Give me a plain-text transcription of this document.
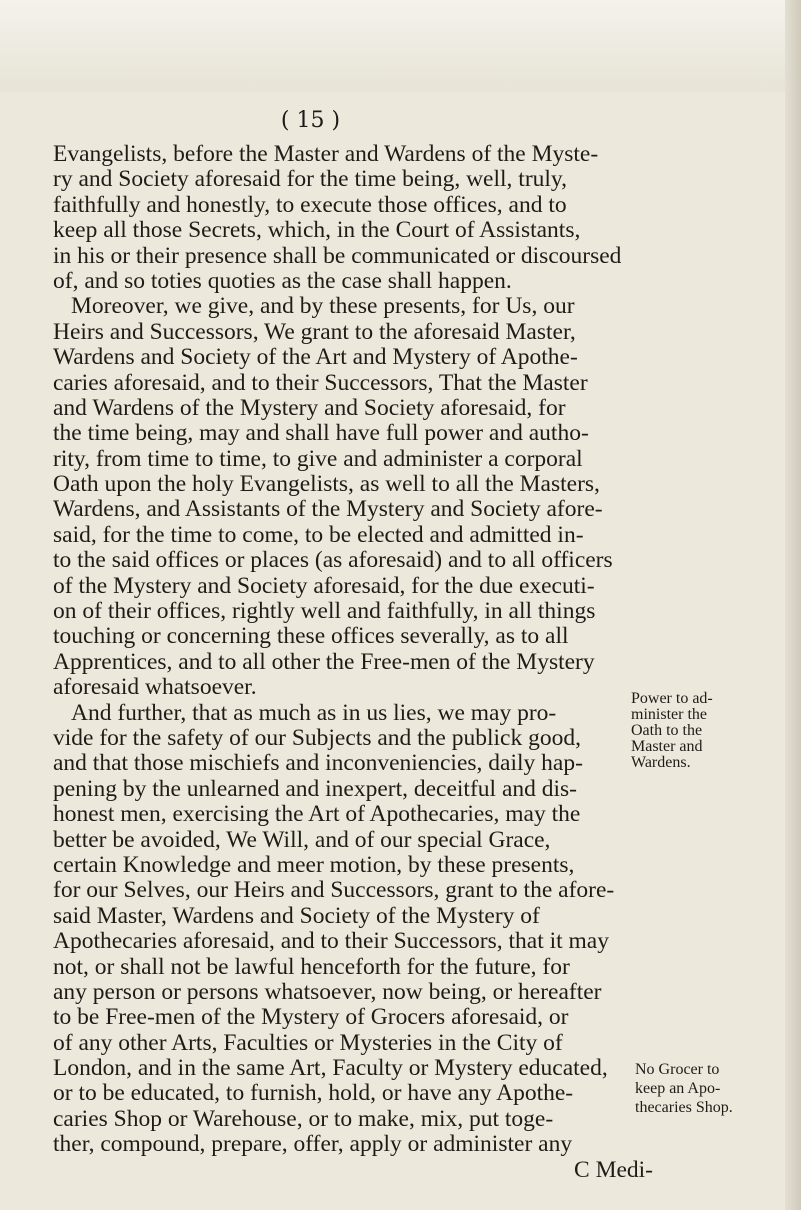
( 15 )
Evangelists, before the Master and Wardens of the Myste-
ry and Society aforesaid for the time being, well, truly,
faithfully and honestly, to execute those offices, and to
keep all those Secrets, which, in the Court of Assistants,
in his or their presence shall be communicated or discoursed
of, and so toties quoties as the case shall happen.
Moreover, we give, and by these presents, for Us, our
Heirs and Successors, We grant to the aforesaid Master,
Wardens and Society of the Art and Mystery of Apothe-
caries aforesaid, and to their Successors, That the Master
and Wardens of the Mystery and Society aforesaid, for
the time being, may and shall have full power and autho-
rity, from time to time, to give and administer a corporal
Oath upon the holy Evangelists, as well to all the Masters,
Wardens, and Assistants of the Mystery and Society afore-
said, for the time to come, to be elected and admitted in-
to the said offices or places (as aforesaid) and to all officers
of the Mystery and Society aforesaid, for the due executi-
on of their offices, rightly well and faithfully, in all things
touching or concerning these offices severally, as to all
Apprentices, and to all other the Free-men of the Mystery
aforesaid whatsoever.
And further, that as much as in us lies, we may pro-
vide for the safety of our Subjects and the publick good,
and that those mischiefs and inconveniencies, daily hap-
pening by the unlearned and inexpert, deceitful and dis-
honest men, exercising the Art of Apothecaries, may the
better be avoided, We Will, and of our special Grace,
certain Knowledge and meer motion, by these presents,
for our Selves, our Heirs and Successors, grant to the afore-
said Master, Wardens and Society of the Mystery of
Apothecaries aforesaid, and to their Successors, that it may
not, or shall not be lawful henceforth for the future, for
any person or persons whatsoever, now being, or hereafter
to be Free-men of the Mystery of Grocers aforesaid, or
of any other Arts, Faculties or Mysteries in the City of
London, and in the same Art, Faculty or Mystery educated,
or to be educated, to furnish, hold, or have any Apothe-
caries Shop or Warehouse, or to make, mix, put toge-
ther, compound, prepare, offer, apply or administer any
C Medi-
Power to ad-
minister the
Oath to the
Master and
Wardens.
No Grocer to
keep an Apo-
thecaries Shop.
